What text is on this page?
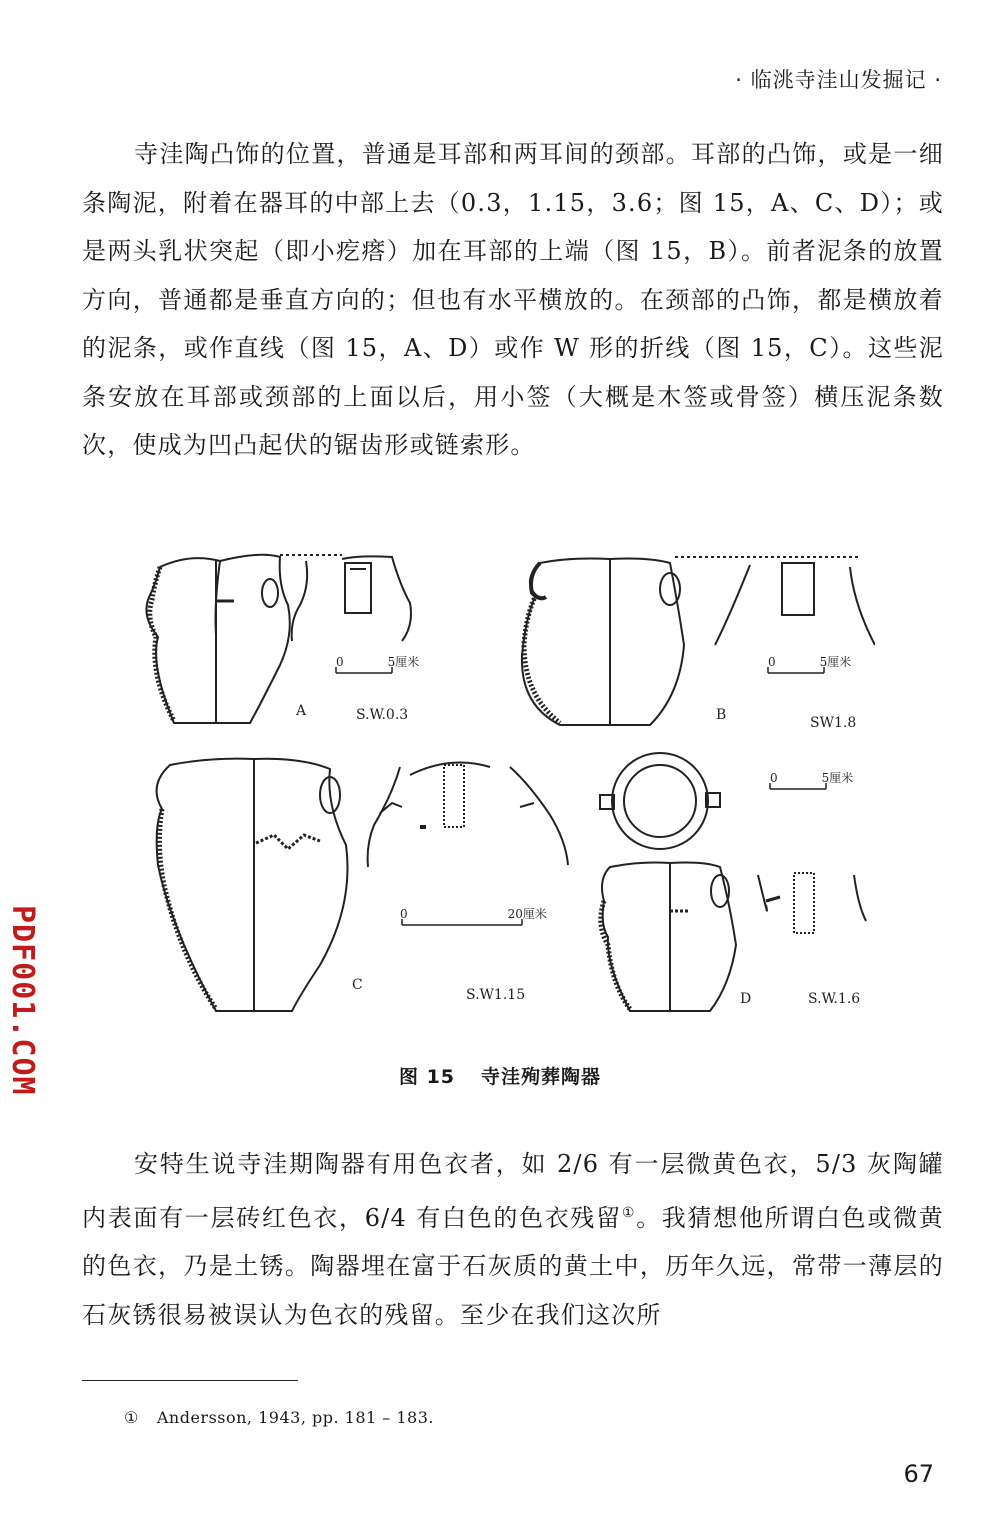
· 临洮寺洼山发掘记 ·

寺洼陶凸饰的位置，普通是耳部和两耳间的颈部。耳部的凸饰，或是一细条陶泥，附着在器耳的中部上去（0.3，1.15，3.6；图 15，A、C、D）；或是两头乳状突起（即小疙瘩）加在耳部的上端（图 15，B）。前者泥条的放置方向，普通都是垂直方向的；但也有水平横放的。在颈部的凸饰，都是横放着的泥条，或作直线（图 15，A、D）或作 W 形的折线（图 15，C）。这些泥条安放在耳部或颈部的上面以后，用小签（大概是木签或骨签）横压泥条数次，使成为凹凸起伏的锯齿形或链索形。

0	5厘米
A	S.W.0.3
0	5厘米
B	SW1.8
0	5厘米
0	20厘米
C
S.W1.15	D	S.W.1.6
图 15 寺洼殉葬陶器

安特生说寺洼期陶器有用色衣者，如 2/6 有一层微黄色衣，5/3 灰陶罐内表面有一层砖红色衣，6/4 有白色的色衣残留①。我猜想他所谓白色或微黄的色衣，乃是土锈。陶器埋在富于石灰质的黄土中，历年久远，常带一薄层的石灰锈很易被误认为色衣的残留。至少在我们这次所

PDF001.COM
① Andersson, 1943, pp. 181 – 183.
67
